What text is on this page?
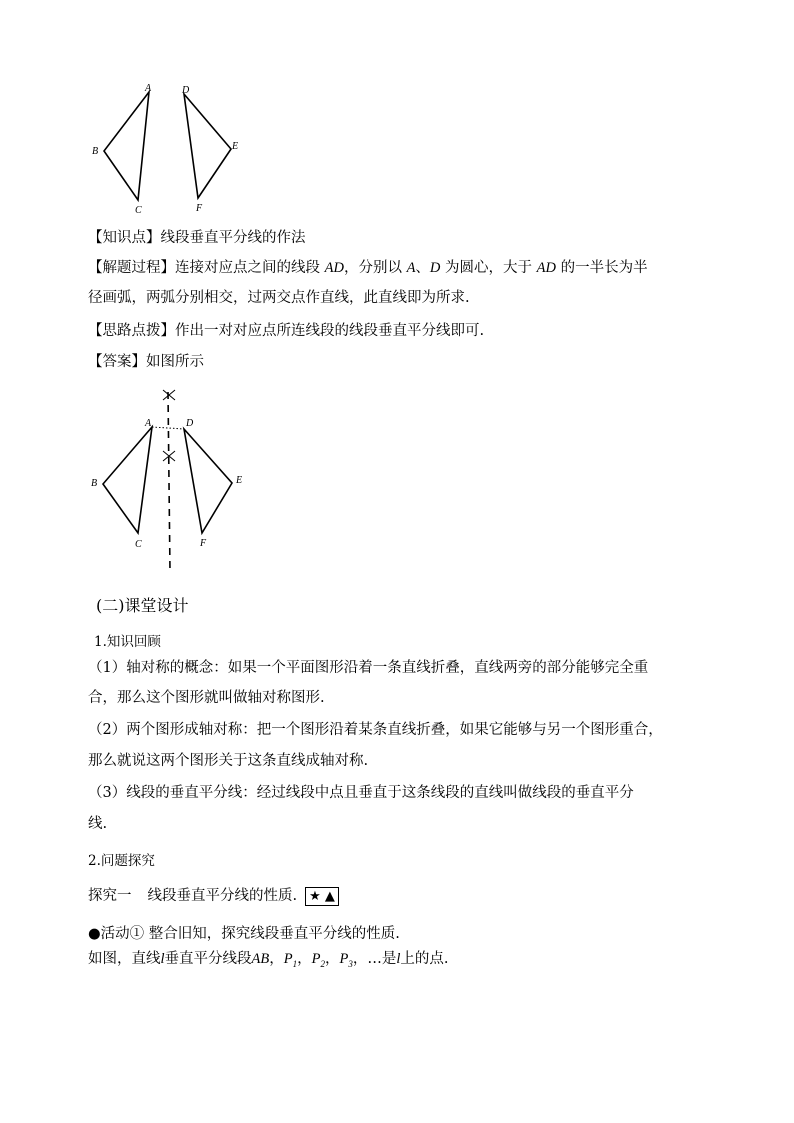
A
B
C
D
E
F
【知识点】线段垂直平分线的作法
【解题过程】连接对应点之间的线段 AD，分别以 A、D 为圆心，大于 AD 的一半长为半
径画弧，两弧分别相交，过两交点作直线，此直线即为所求.
【思路点拨】作出一对对应点所连线段的线段垂直平分线即可.
【答案】如图所示
A
B
C
D
E
F
(二)课堂设计
1.知识回顾
（1）轴对称的概念：如果一个平面图形沿着一条直线折叠，直线两旁的部分能够完全重
合，那么这个图形就叫做轴对称图形.
（2）两个图形成轴对称：把一个图形沿着某条直线折叠，如果它能够与另一个图形重合，
那么就说这两个图形关于这条直线成轴对称.
（3）线段的垂直平分线：经过线段中点且垂直于这条线段的直线叫做线段的垂直平分
线.
2.问题探究
探究一 线段垂直平分线的性质. ★ ▲
●活动① 整合旧知，探究线段垂直平分线的性质.
如图，直线l垂直平分线段AB，$P_1$，$P_2$，$P_3$，…是l上的点.
